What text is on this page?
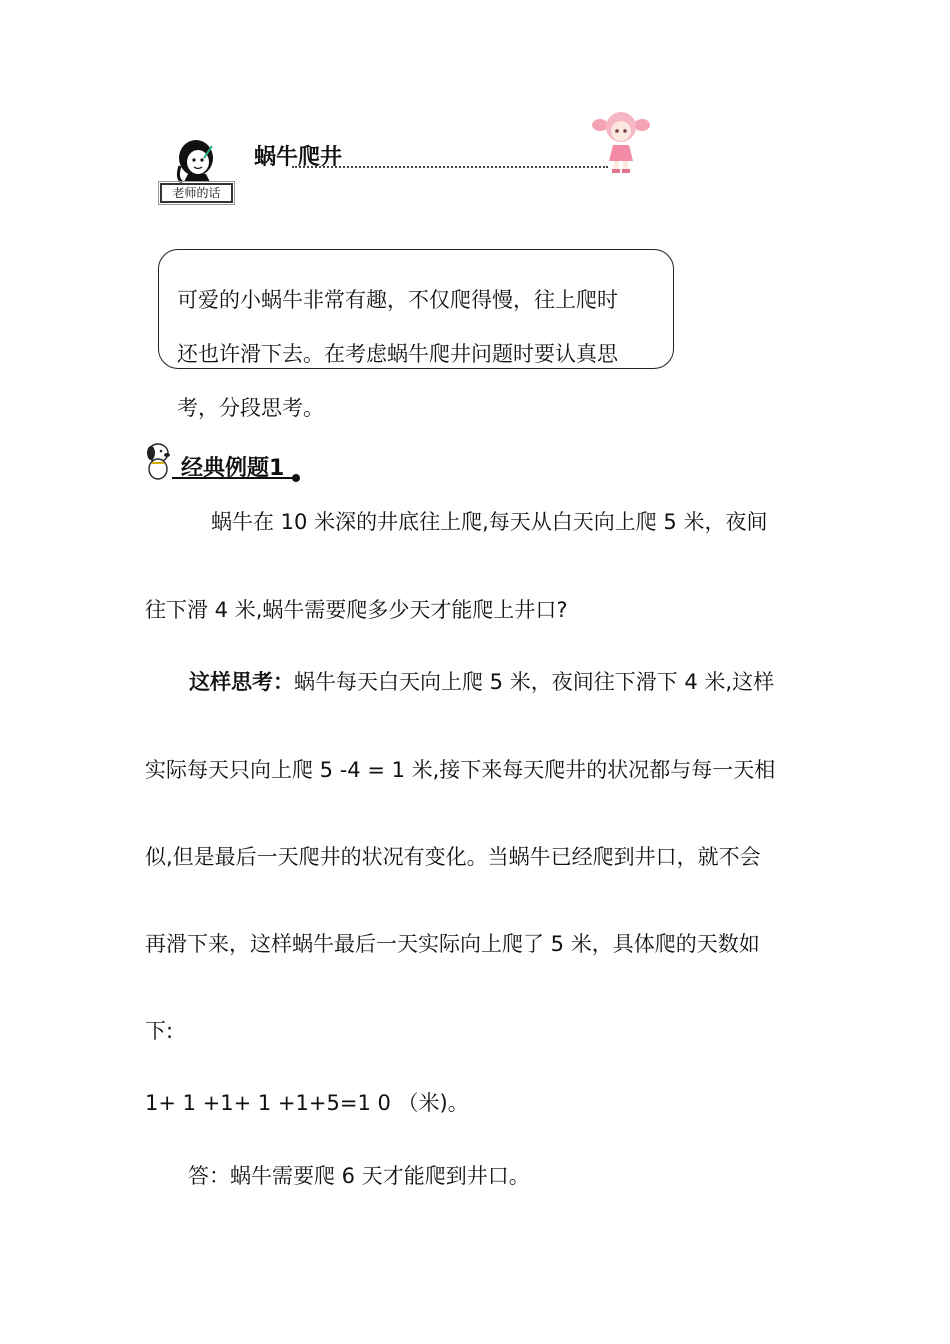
老师的话
蜗牛爬井
可爱的小蜗牛非常有趣，不仅爬得慢，往上爬时
还也许滑下去。在考虑蜗牛爬井问题时要认真思
考，分段思考。
经典例题1
蜗牛在 10 米深的井底往上爬,每天从白天向上爬 5 米，夜间
往下滑 4 米,蜗牛需要爬多少天才能爬上井口?
这样思考：蜗牛每天白天向上爬 5 米，夜间往下滑下 4 米,这样
实际每天只向上爬 5 -4 = 1 米,接下来每天爬井的状况都与每一天相
似,但是最后一天爬井的状况有变化。当蜗牛已经爬到井口，就不会
再滑下来，这样蜗牛最后一天实际向上爬了 5 米，具体爬的天数如
下:
1+ 1 +1+ 1 +1+5=1 0 （米)。
答：蜗牛需要爬 6 天才能爬到井口。
